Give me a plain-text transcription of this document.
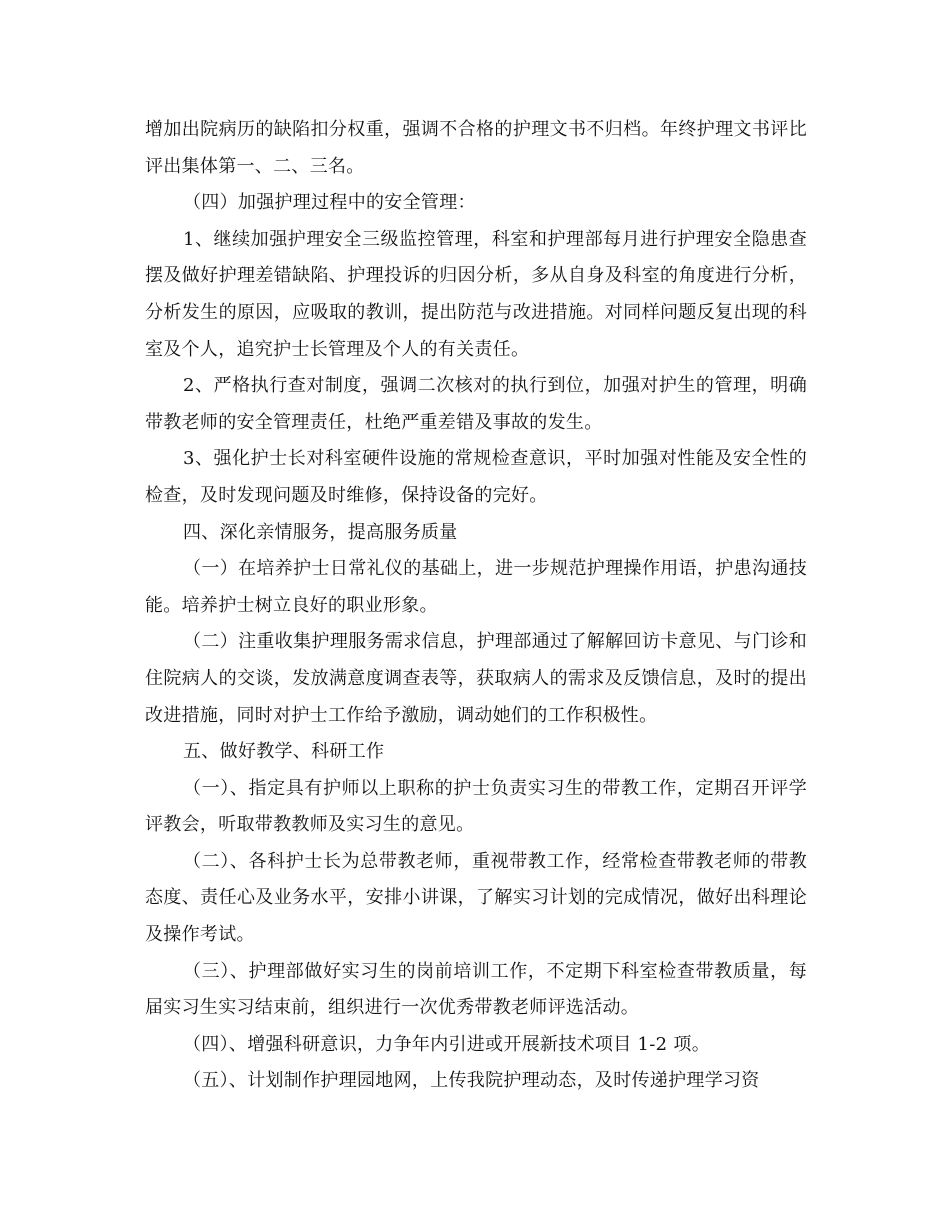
增加出院病历的缺陷扣分权重，强调不合格的护理文书不归档。年终护理文书评比评出集体第一、二、三名。

（四）加强护理过程中的安全管理：

1、继续加强护理安全三级监控管理，科室和护理部每月进行护理安全隐患查摆及做好护理差错缺陷、护理投诉的归因分析，多从自身及科室的角度进行分析，分析发生的原因，应吸取的教训，提出防范与改进措施。对同样问题反复出现的科室及个人，追究护士长管理及个人的有关责任。

2、严格执行查对制度，强调二次核对的执行到位，加强对护生的管理，明确带教老师的安全管理责任，杜绝严重差错及事故的发生。

3、强化护士长对科室硬件设施的常规检查意识，平时加强对性能及安全性的检查，及时发现问题及时维修，保持设备的完好。

四、深化亲情服务，提高服务质量

（一）在培养护士日常礼仪的基础上，进一步规范护理操作用语，护患沟通技能。培养护士树立良好的职业形象。

（二）注重收集护理服务需求信息，护理部通过了解解回访卡意见、与门诊和住院病人的交谈，发放满意度调查表等，获取病人的需求及反馈信息，及时的提出改进措施，同时对护士工作给予激励，调动她们的工作积极性。

五、做好教学、科研工作

（一）、指定具有护师以上职称的护士负责实习生的带教工作，定期召开评学评教会，听取带教教师及实习生的意见。

（二）、各科护士长为总带教老师，重视带教工作，经常检查带教老师的带教态度、责任心及业务水平，安排小讲课，了解实习计划的完成情况，做好出科理论及操作考试。

（三）、护理部做好实习生的岗前培训工作，不定期下科室检查带教质量，每届实习生实习结束前，组织进行一次优秀带教老师评选活动。

（四）、增强科研意识，力争年内引进或开展新技术项目 1-2 项。

（五）、计划制作护理园地网，上传我院护理动态，及时传递护理学习资
